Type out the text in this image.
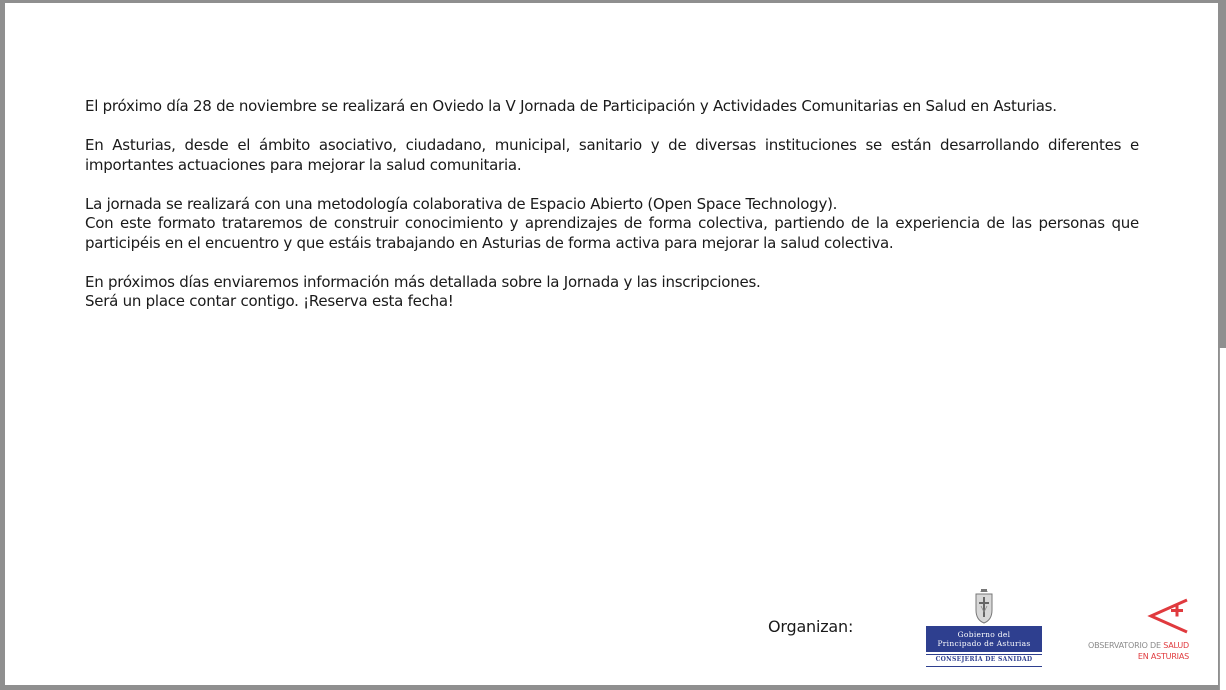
El próximo día 28 de noviembre se realizará en Oviedo la V Jornada de Participación y Actividades Comunitarias en Salud en Asturias.

En Asturias, desde el ámbito asociativo, ciudadano, municipal, sanitario y de diversas instituciones se están desarrollando diferentes e importantes actuaciones para mejorar la salud comunitaria.

La jornada se realizará con una metodología colaborativa de Espacio Abierto (Open Space Technology).
Con este formato trataremos de construir conocimiento y aprendizajes de forma colectiva, partiendo de la experiencia de las personas que participéis en el encuentro y que estáis trabajando en Asturias de forma activa para mejorar la salud colectiva.

En próximos días enviaremos información más detallada sobre la Jornada y las inscripciones.
Será un place contar contigo. ¡Reserva esta fecha!

Organizan:	Gobierno del
Principado de Asturias
CONSEJERÍA DE SANIDAD
OBSERVATORIO DE SALUD
EN ASTURIAS
